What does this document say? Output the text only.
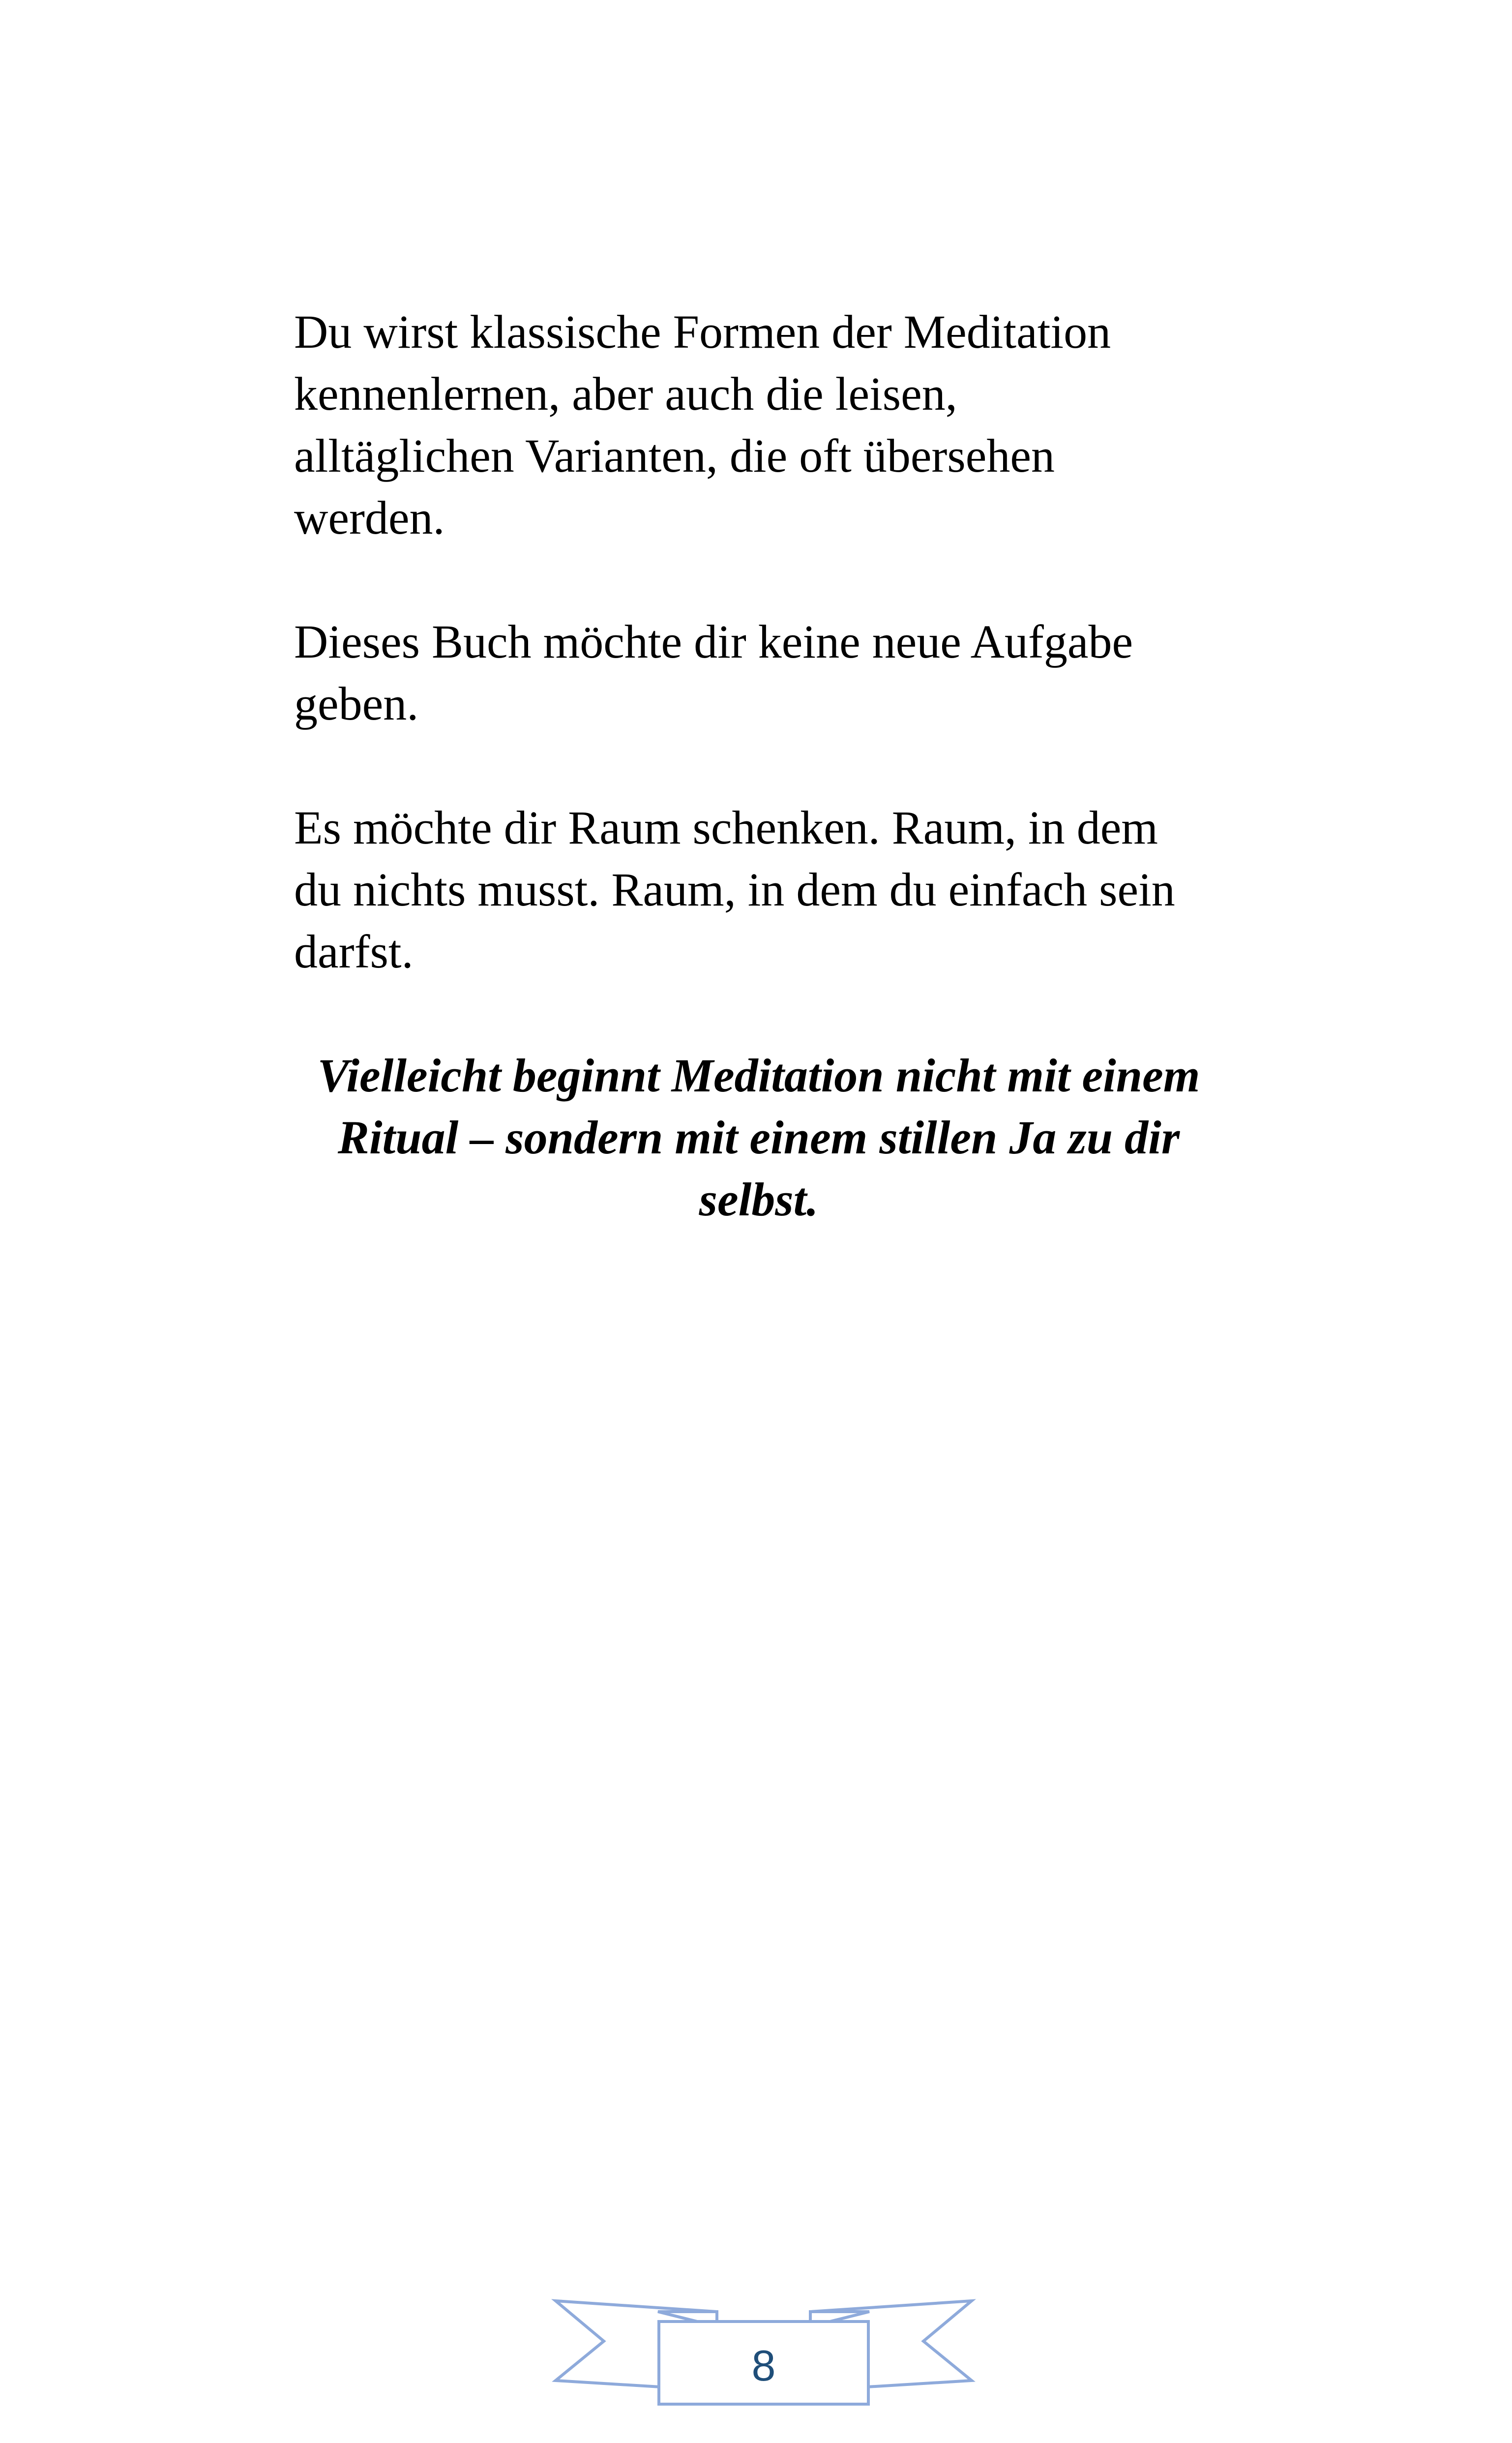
Du wirst klassische Formen der Meditation
kennenlernen, aber auch die leisen,
alltäglichen Varianten, die oft übersehen
werden.

Dieses Buch möchte dir keine neue Aufgabe
geben.

Es möchte dir Raum schenken. Raum, in dem
du nichts musst. Raum, in dem du einfach sein
darfst.

Vielleicht beginnt Meditation nicht mit einem
Ritual – sondern mit einem stillen Ja zu dir
selbst.

8
